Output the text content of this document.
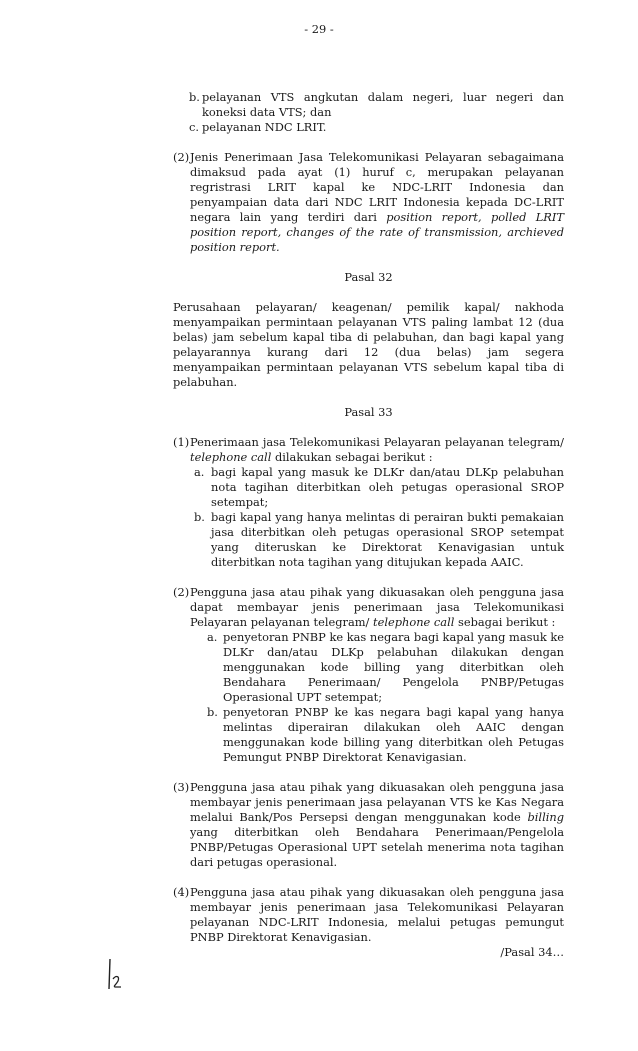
- 29 -
b. pelayanan VTS angkutan dalam negeri, luar negeri dan koneksi data VTS; dan
c. pelayanan NDC LRIT.
(2) Jenis Penerimaan Jasa Telekomunikasi Pelayaran sebagaimana dimaksud pada ayat (1) huruf c, merupakan pelayanan regristrasi LRIT kapal ke NDC-LRIT Indonesia dan penyampaian data dari NDC LRIT Indonesia kepada DC-LRIT negara lain yang terdiri dari position report, polled LRIT position report, changes of the rate of transmission, archieved position report.
Pasal 32
Perusahaan pelayaran/ keagenan/ pemilik kapal/ nakhoda menyampaikan permintaan pelayanan VTS paling lambat 12 (dua belas) jam sebelum kapal tiba di pelabuhan, dan bagi kapal yang pelayarannya kurang dari 12 (dua belas) jam segera menyampaikan permintaan pelayanan VTS sebelum kapal tiba di pelabuhan.
Pasal 33
(1) Penerimaan jasa Telekomunikasi Pelayaran pelayanan telegram/ telephone call dilakukan sebagai berikut :
a. bagi kapal yang masuk ke DLKr dan/atau DLKp pelabuhan nota tagihan diterbitkan oleh petugas operasional SROP setempat;
b. bagi kapal yang hanya melintas di perairan bukti pemakaian jasa diterbitkan oleh petugas operasional SROP setempat yang diteruskan ke Direktorat Kenavigasian untuk diterbitkan nota tagihan yang ditujukan kepada AAIC.
(2) Pengguna jasa atau pihak yang dikuasakan oleh pengguna jasa dapat membayar jenis penerimaan jasa Telekomunikasi Pelayaran pelayanan telegram/ telephone call sebagai berikut :
a. penyetoran PNBP ke kas negara bagi kapal yang masuk ke DLKr dan/atau DLKp pelabuhan dilakukan dengan menggunakan kode billing yang diterbitkan oleh Bendahara Penerimaan/ Pengelola PNBP/Petugas Operasional UPT setempat;
b. penyetoran PNBP ke kas negara bagi kapal yang hanya melintas diperairan dilakukan oleh AAIC dengan menggunakan kode billing yang diterbitkan oleh Petugas Pemungut PNBP Direktorat Kenavigasian.
(3) Pengguna jasa atau pihak yang dikuasakan oleh pengguna jasa membayar jenis penerimaan jasa pelayanan VTS ke Kas Negara melalui Bank/Pos Persepsi dengan menggunakan kode billing yang diterbitkan oleh Bendahara Penerimaan/Pengelola PNBP/Petugas Operasional UPT setelah menerima nota tagihan dari petugas operasional.
(4) Pengguna jasa atau pihak yang dikuasakan oleh pengguna jasa membayar jenis penerimaan jasa Telekomunikasi Pelayaran pelayanan NDC-LRIT Indonesia, melalui petugas pemungut PNBP Direktorat Kenavigasian.
/Pasal 34…
